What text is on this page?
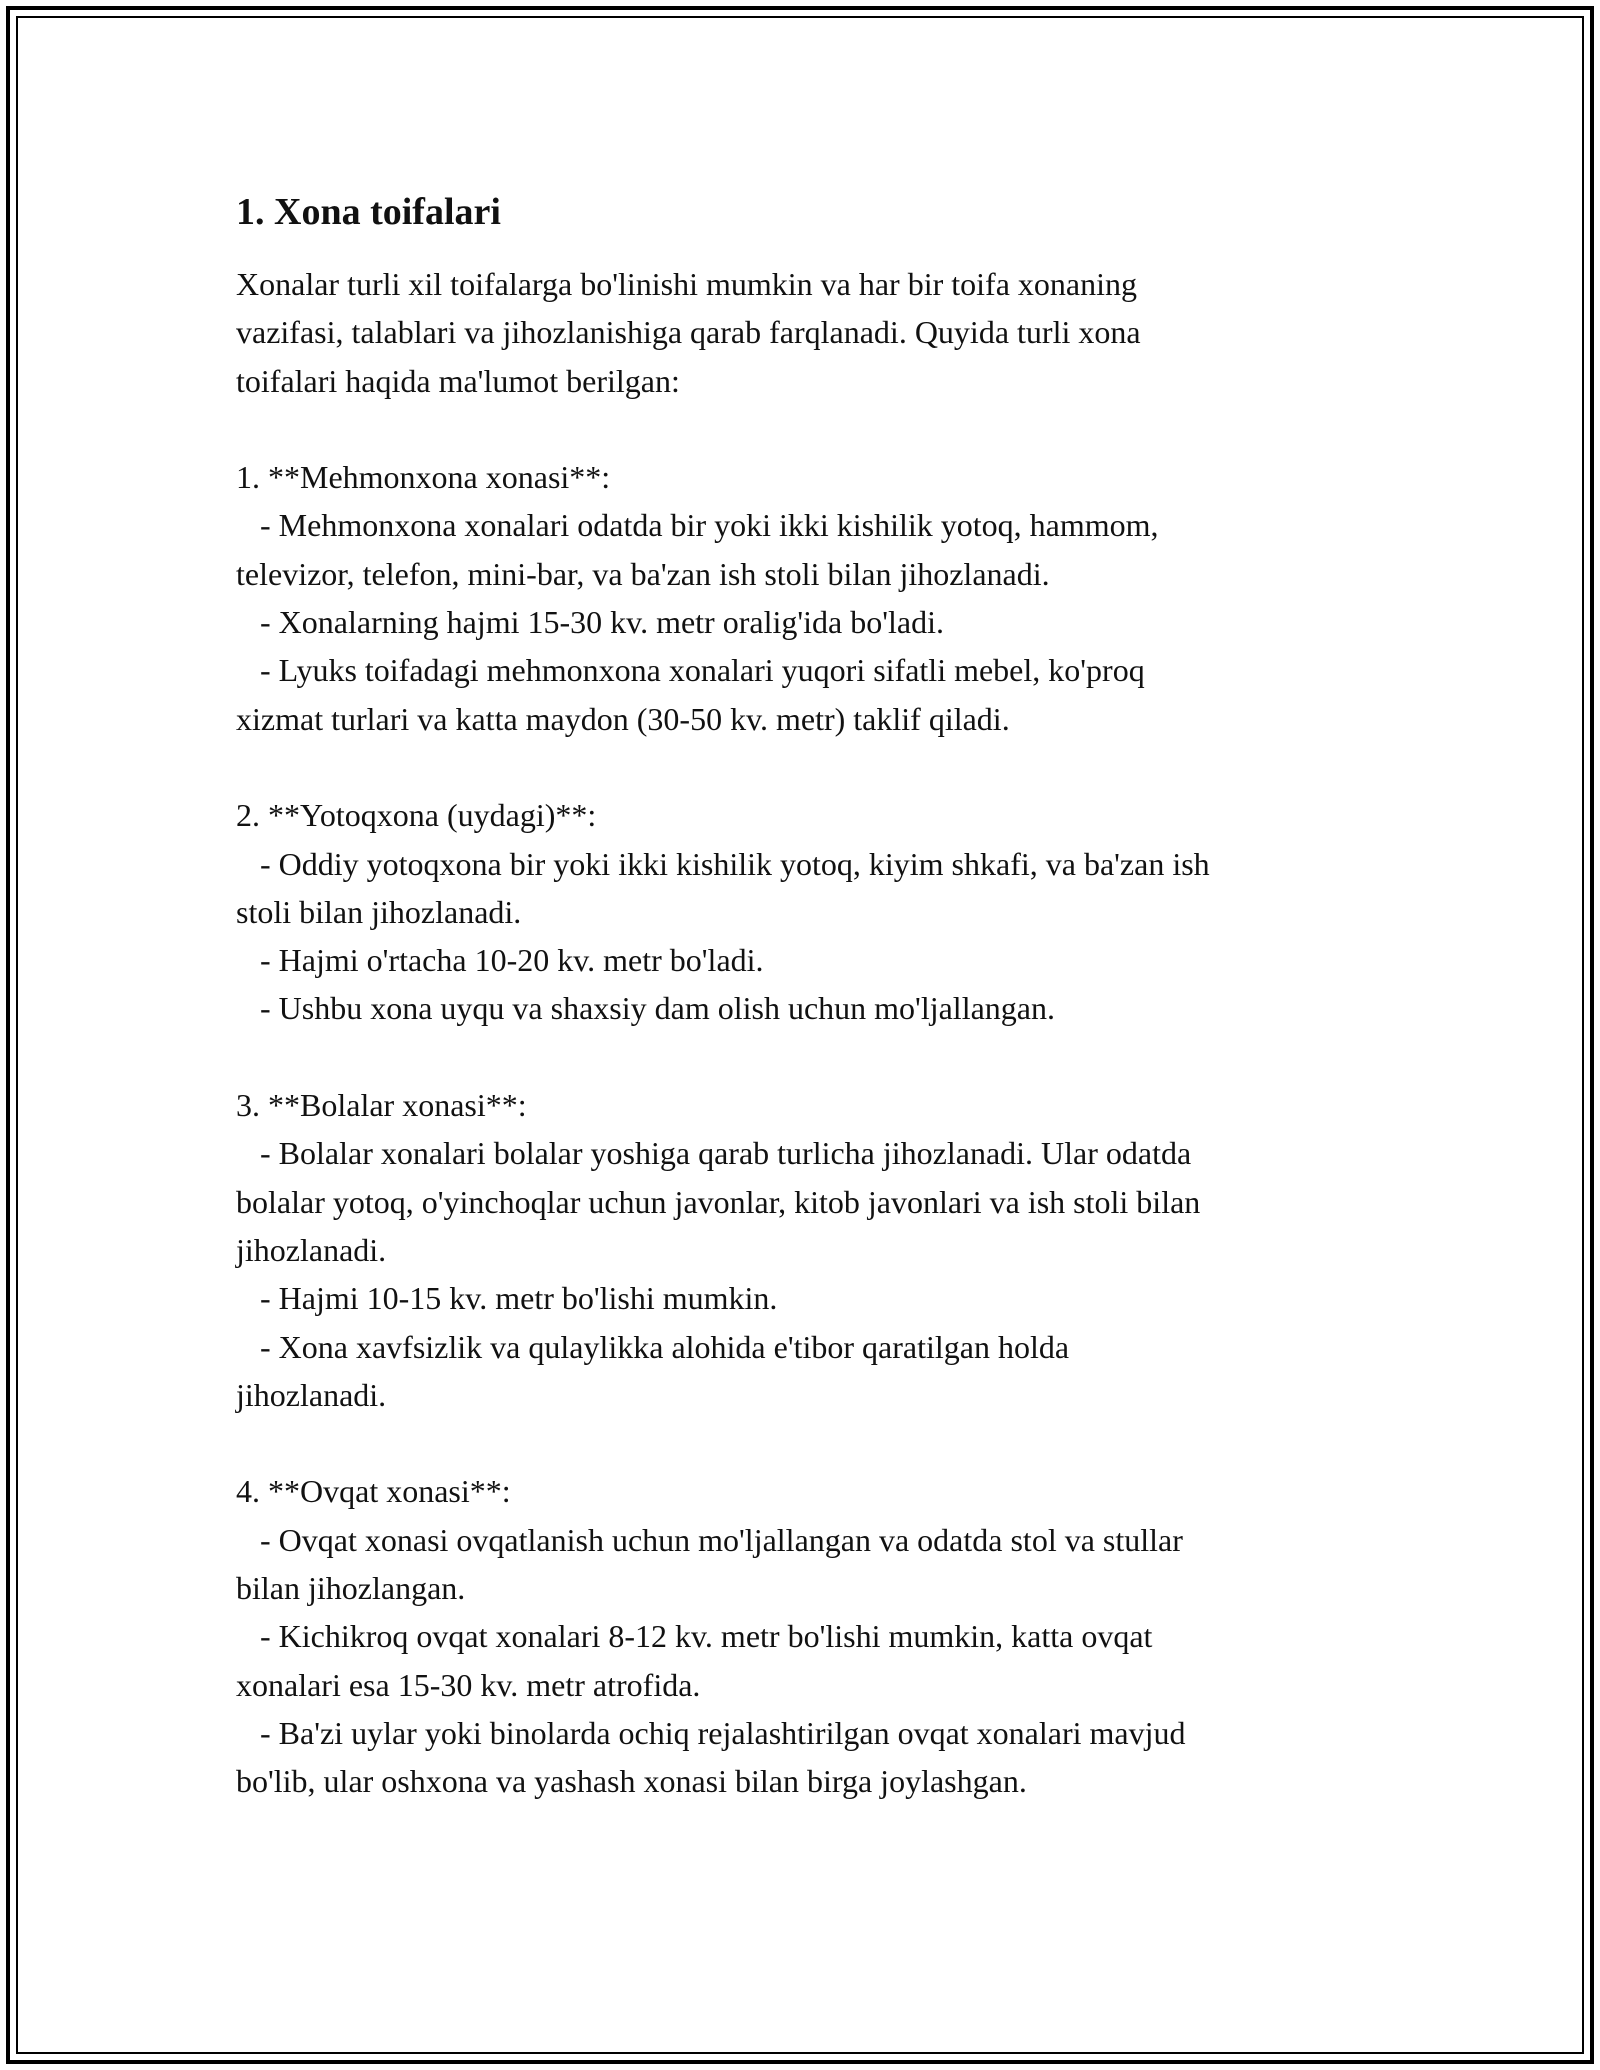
1. Xona toifalari

Xonalar turli xil toifalarga bo'linishi mumkin va har bir toifa xonaning

vazifasi, talablari va jihozlanishiga qarab farqlanadi. Quyida turli xona

toifalari haqida ma'lumot berilgan:

1. **Mehmonxona xonasi**:

- Mehmonxona xonalari odatda bir yoki ikki kishilik yotoq, hammom,

televizor, telefon, mini-bar, va ba'zan ish stoli bilan jihozlanadi.

- Xonalarning hajmi 15-30 kv. metr oralig'ida bo'ladi.

- Lyuks toifadagi mehmonxona xonalari yuqori sifatli mebel, ko'proq

xizmat turlari va katta maydon (30-50 kv. metr) taklif qiladi.

2. **Yotoqxona (uydagi)**:

- Oddiy yotoqxona bir yoki ikki kishilik yotoq, kiyim shkafi, va ba'zan ish

stoli bilan jihozlanadi.

- Hajmi o'rtacha 10-20 kv. metr bo'ladi.

- Ushbu xona uyqu va shaxsiy dam olish uchun mo'ljallangan.

3. **Bolalar xonasi**:

- Bolalar xonalari bolalar yoshiga qarab turlicha jihozlanadi. Ular odatda

bolalar yotoq, o'yinchoqlar uchun javonlar, kitob javonlari va ish stoli bilan

jihozlanadi.

- Hajmi 10-15 kv. metr bo'lishi mumkin.

- Xona xavfsizlik va qulaylikka alohida e'tibor qaratilgan holda

jihozlanadi.

4. **Ovqat xonasi**:

- Ovqat xonasi ovqatlanish uchun mo'ljallangan va odatda stol va stullar

bilan jihozlangan.

- Kichikroq ovqat xonalari 8-12 kv. metr bo'lishi mumkin, katta ovqat

xonalari esa 15-30 kv. metr atrofida.

- Ba'zi uylar yoki binolarda ochiq rejalashtirilgan ovqat xonalari mavjud

bo'lib, ular oshxona va yashash xonasi bilan birga joylashgan.
